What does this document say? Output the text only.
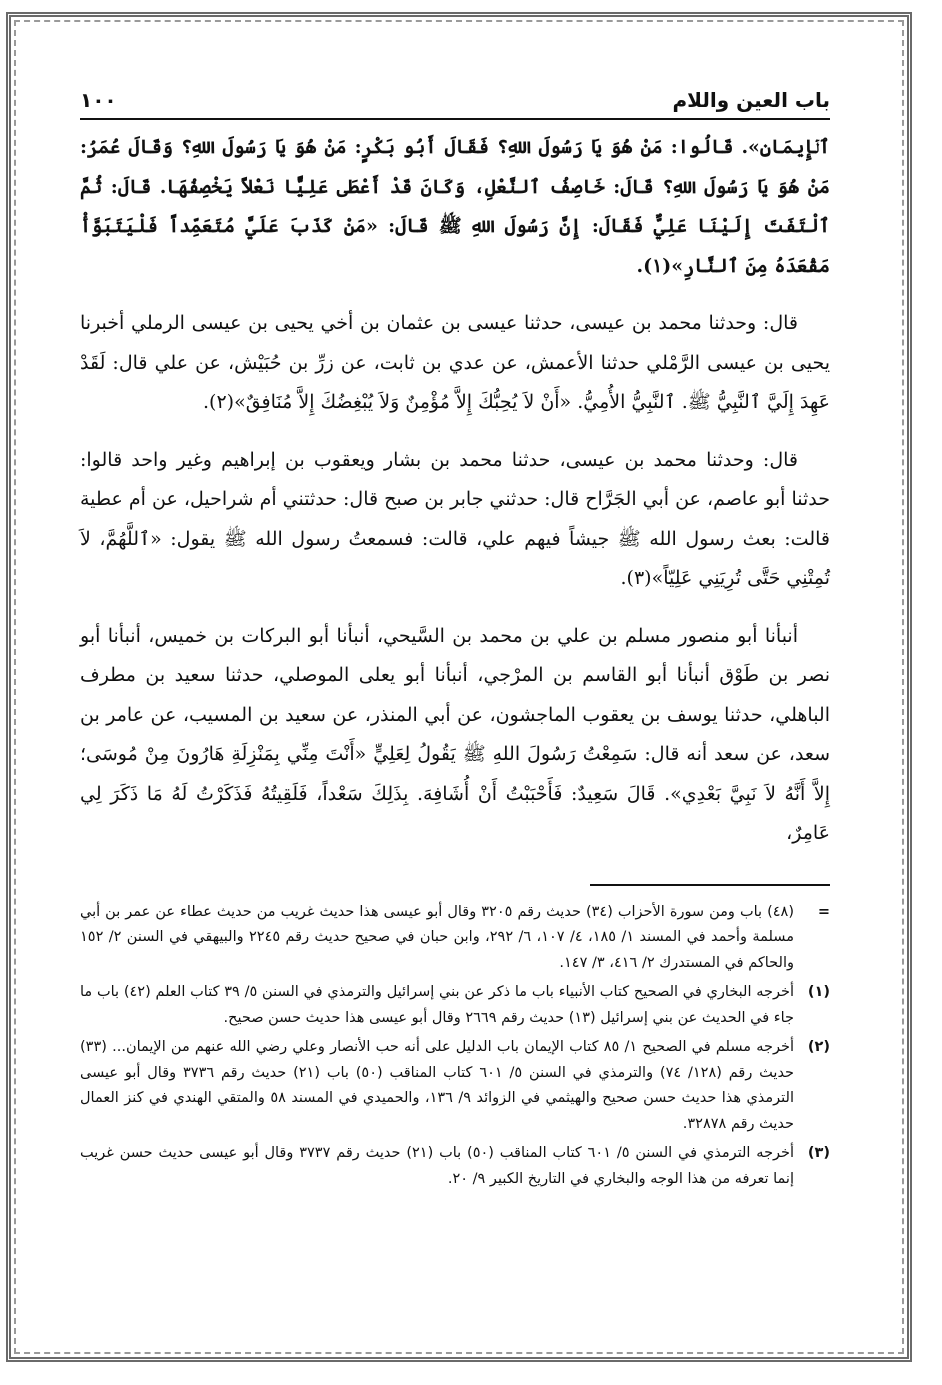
باب العين واللام
١٠٠

ٱلۡإِيمَانِ». قَالُوا: مَنْ هُوَ يَا رَسُولَ اللهِ؟ فَقَالَ أَبُو بَكْرٍ: مَنْ هُوَ يَا رَسُولَ اللهِ؟ وَقَالَ عُمَرُ: مَنْ هُوَ يَا رَسُولَ اللهِ؟ قَالَ: خَاصِفُ ٱلنَّعْلِ، وَكَانَ قَدْ أَعْطَى عَلِيًّا نَعْلاً يَخْصِفُهَا. قَالَ: ثُمَّ ٱلْتَفَتَ إِلَيْنَا عَلِيٌّ فَقَالَ: إِنَّ رَسُولَ اللهِ ﷺ قَالَ: «مَنْ كَذَبَ عَلَيَّ مُتَعَمِّداً فَلْيَتَبَوَّأْ مَقْعَدَهُ مِنَ ٱلنَّارِ»(١).

قال: وحدثنا محمد بن عيسى، حدثنا عيسى بن عثمان بن أخي يحيى بن عيسى الرملي أخبرنا يحيى بن عيسى الرَّمْلي حدثنا الأعمش، عن عدي بن ثابت، عن زرِّ بن حُبَيْش، عن علي قال: لَقَدْ عَهِدَ إِلَيَّ ٱلنَّبِيُّ ﷺ. ٱلنَّبِيُّ الأُمِيُّ. «أَنْ لاَ يُحِبُّكَ إِلاَّ مُؤْمِنٌ وَلاَ يُبْغِضُكَ إِلاَّ مُنَافِقٌ»(٢).

قال: وحدثنا محمد بن عيسى، حدثنا محمد بن بشار ويعقوب بن إبراهيم وغير واحد قالوا: حدثنا أبو عاصم، عن أبي الجَرَّاح قال: حدثني جابر بن صبح قال: حدثتني أم شراحيل، عن أم عطية قالت: بعث رسول الله ﷺ جيشاً فيهم علي، قالت: فسمعتُ رسول الله ﷺ يقول: «ٱللَّهُمَّ، لاَ تُمِتْنِي حَتَّى تُرِيَنِي عَلِيّاً»(٣).

أنبأنا أبو منصور مسلم بن علي بن محمد بن السَّيحي، أنبأنا أبو البركات بن خميس، أنبأنا أبو نصر بن طَوْق أنبأنا أبو القاسم بن المرْجي، أنبأنا أبو يعلى الموصلي، حدثنا سعيد بن مطرف الباهلي، حدثنا يوسف بن يعقوب الماجشون، عن أبي المنذر، عن سعيد بن المسيب، عن عامر بن سعد، عن سعد أنه قال: سَمِعْتُ رَسُولَ اللهِ ﷺ يَقُولُ لِعَلِيٍّ «أَنْتَ مِنِّي بِمَنْزِلَةِ هَارُونَ مِنْ مُوسَى؛ إِلاَّ أَنَّهُ لاَ نَبِيَّ بَعْدِي». قَالَ سَعِيدٌ: فَأَحْبَبْتُ أَنْ أُشَافِهَ. بِذَلِكَ سَعْداً، فَلَقِيتُهُ فَذَكَرْتُ لَهُ مَا ذَكَرَ لِي عَامِرٌ،

=
(٤٨) باب ومن سورة الأحزاب (٣٤) حديث رقم ٣٢٠٥ وقال أبو عيسى هذا حديث غريب من حديث عطاء عن عمر بن أبي مسلمة وأحمد في المسند ١/ ١٨٥، ٤/ ١٠٧، ٦/ ٢٩٢، وابن حبان في صحيح حديث رقم ٢٢٤٥ والبيهقي في السنن ٢/ ١٥٢ والحاكم في المستدرك ٢/ ٤١٦، ٣/ ١٤٧.
(١)
أخرجه البخاري في الصحيح كتاب الأنبياء باب ما ذكر عن بني إسرائيل والترمذي في السنن ٥/ ٣٩ كتاب العلم (٤٢) باب ما جاء في الحديث عن بني إسرائيل (١٣) حديث رقم ٢٦٦٩ وقال أبو عيسى هذا حديث حسن صحيح.
(٢)
أخرجه مسلم في الصحيح ١/ ٨٥ كتاب الإيمان باب الدليل على أنه حب الأنصار وعلي رضي الله عنهم من الإيمان... (٣٣) حديث رقم (١٢٨/ ٧٤) والترمذي في السنن ٥/ ٦٠١ كتاب المناقب (٥٠) باب (٢١) حديث رقم ٣٧٣٦ وقال أبو عيسى الترمذي هذا حديث حسن صحيح والهيثمي في الزوائد ٩/ ١٣٦، والحميدي في المسند ٥٨ والمتقي الهندي في كنز العمال حديث رقم ٣٢٨٧٨.
(٣)
أخرجه الترمذي في السنن ٥/ ٦٠١ كتاب المناقب (٥٠) باب (٢١) حديث رقم ٣٧٣٧ وقال أبو عيسى حديث حسن غريب إنما تعرفه من هذا الوجه والبخاري في التاريخ الكبير ٩/ ٢٠.
